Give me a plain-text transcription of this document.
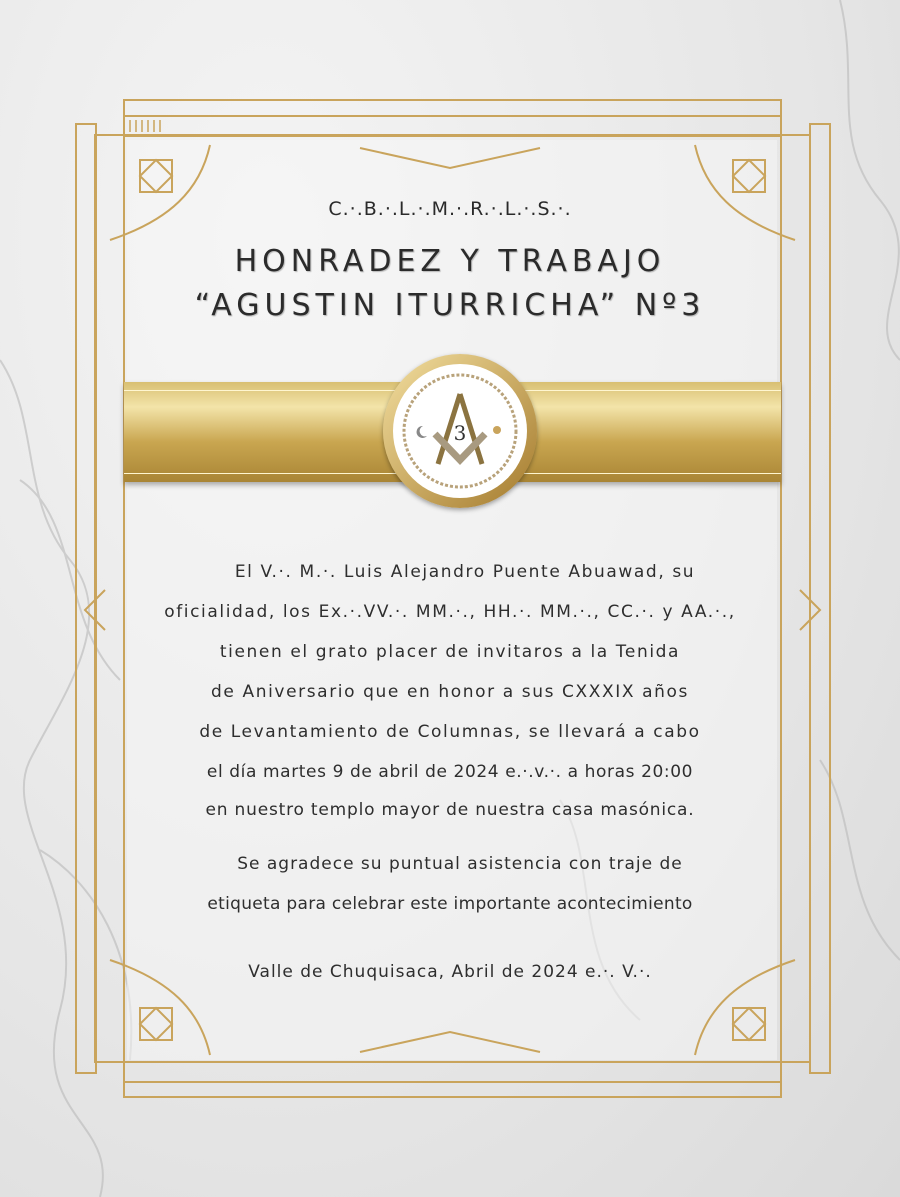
C.·.B.·.L.·.M.·.R.·.L.·.S.·.
HONRADEZ Y TRABAJO
“AGUSTIN ITURRICHA” Nº3
3
El V.·. M.·. Luis Alejandro Puente Abuawad, su
oficialidad, los Ex.·.VV.·. MM.·., HH.·. MM.·., CC.·. y AA.·.,
tienen el grato placer de invitaros a la Tenida
de Aniversario que en honor a sus CXXXIX años
de Levantamiento de Columnas, se llevará a cabo
el día martes 9 de abril de 2024 e.·.v.·. a horas 20:00
en nuestro templo mayor de nuestra casa masónica.
Se agradece su puntual asistencia con traje de
etiqueta para celebrar este importante acontecimiento
Valle de Chuquisaca, Abril de 2024 e.·. V.·.
